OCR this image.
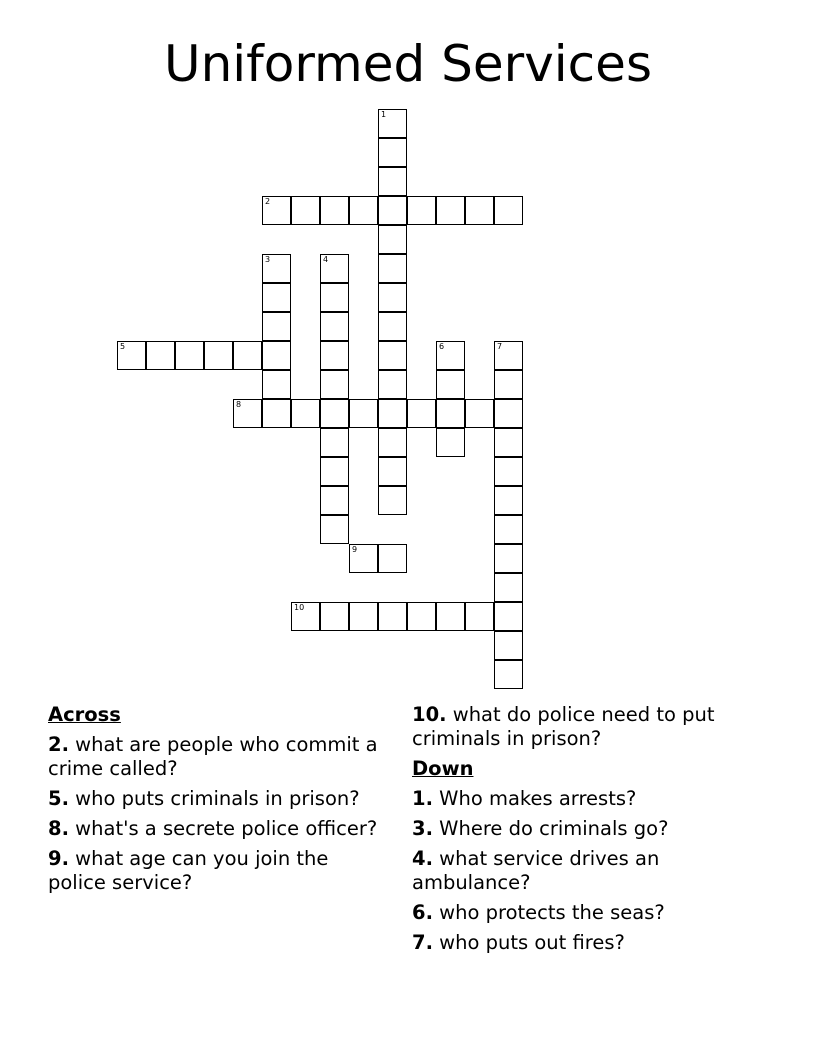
Uniformed Services
1
2
3	4
5	6	7
8
9
10
Across
2. what are people who commit a crime called?
5. who puts criminals in prison?
8. what's a secrete police officer?
9. what age can you join the police service?
10. what do police need to put criminals in prison?
Down
1. Who makes arrests?
3. Where do criminals go?
4. what service drives an ambulance?
6. who protects the seas?
7. who puts out fires?
